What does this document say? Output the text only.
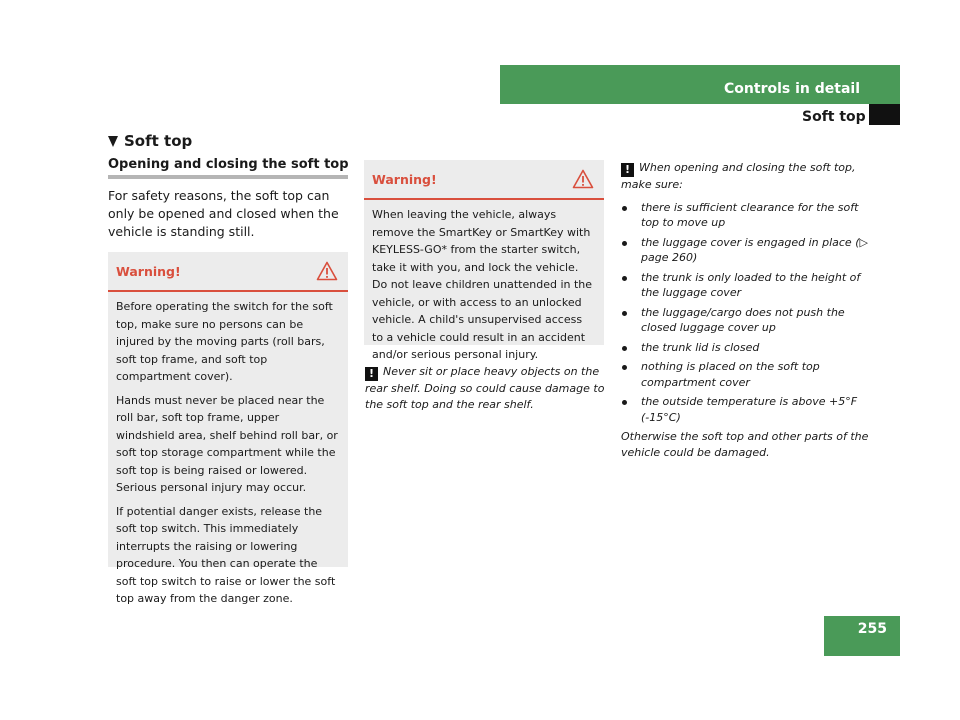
Controls in detail
Soft top
255
Soft top
Opening and closing the soft top
For safety reasons, the soft top can only be opened and closed when the vehicle is standing still.
Warning!

Before operating the switch for the soft top, make sure no persons can be injured by the moving parts (roll bars, soft top frame, and soft top compartment cover).

Hands must never be placed near the roll bar, soft top frame, upper windshield area, shelf behind roll bar, or soft top storage compartment while the soft top is being raised or lowered. Serious personal injury may occur.

If potential danger exists, release the soft top switch. This immediately interrupts the raising or lowering procedure. You then can operate the soft top switch to raise or lower the soft top away from the danger zone.

Warning!

When leaving the vehicle, always remove the SmartKey or SmartKey with KEYLESS-GO* from the starter switch, take it with you, and lock the vehicle. Do not leave children unattended in the vehicle, or with access to an unlocked vehicle. A child's unsupervised access to a vehicle could result in an accident and/or serious personal injury.

! Never sit or place heavy objects on the rear shelf. Doing so could cause damage to the soft top and the rear shelf.
! When opening and closing the soft top, make sure:
there is sufficient clearance for the soft top to move up
the luggage cover is engaged in place (▷ page 260)
the trunk is only loaded to the height of the luggage cover
the luggage/cargo does not push the closed luggage cover up
the trunk lid is closed
nothing is placed on the soft top compartment cover
the outside temperature is above +5°F (-15°C)
Otherwise the soft top and other parts of the vehicle could be damaged.
